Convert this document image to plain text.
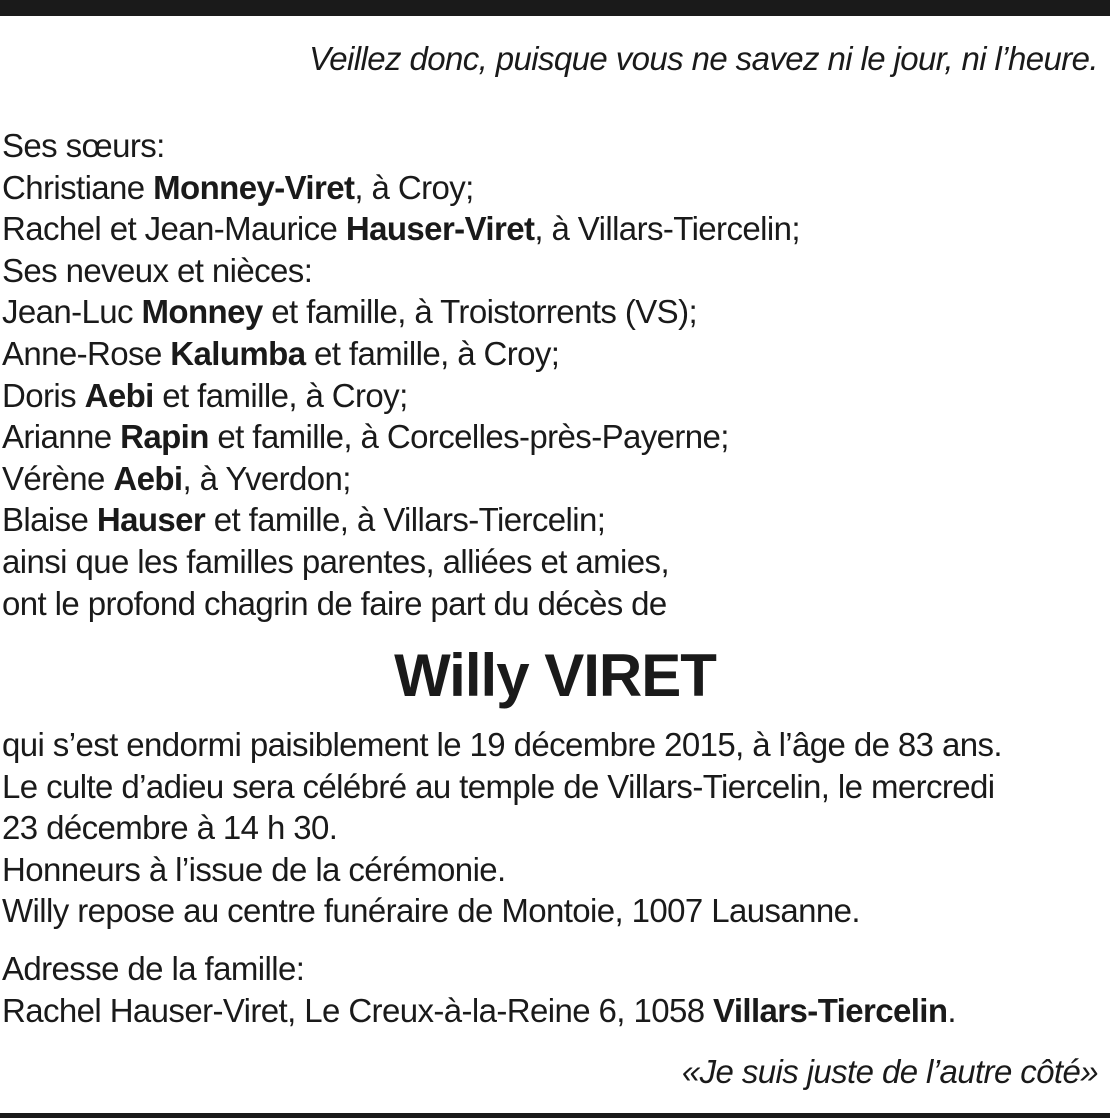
Veillez donc, puisque vous ne savez ni le jour, ni l’heure.
Ses sœurs:
Christiane Monney-Viret, à Croy;
Rachel et Jean-Maurice Hauser-Viret, à Villars-Tiercelin;
Ses neveux et nièces:
Jean-Luc Monney et famille, à Troistorrents (VS);
Anne-Rose Kalumba et famille, à Croy;
Doris Aebi et famille, à Croy;
Arianne Rapin et famille, à Corcelles-près-Payerne;
Vérène Aebi, à Yverdon;
Blaise Hauser et famille, à Villars-Tiercelin;
ainsi que les familles parentes, alliées et amies,
ont le profond chagrin de faire part du décès de
Willy VIRET
qui s’est endormi paisiblement le 19 décembre 2015, à l’âge de 83 ans.
Le culte d’adieu sera célébré au temple de Villars-Tiercelin, le mercredi
23 décembre à 14 h 30.
Honneurs à l’issue de la cérémonie.
Willy repose au centre funéraire de Montoie, 1007 Lausanne.
Adresse de la famille:
Rachel Hauser-Viret, Le Creux-à-la-Reine 6, 1058 Villars-Tiercelin.
«Je suis juste de l’autre côté»
